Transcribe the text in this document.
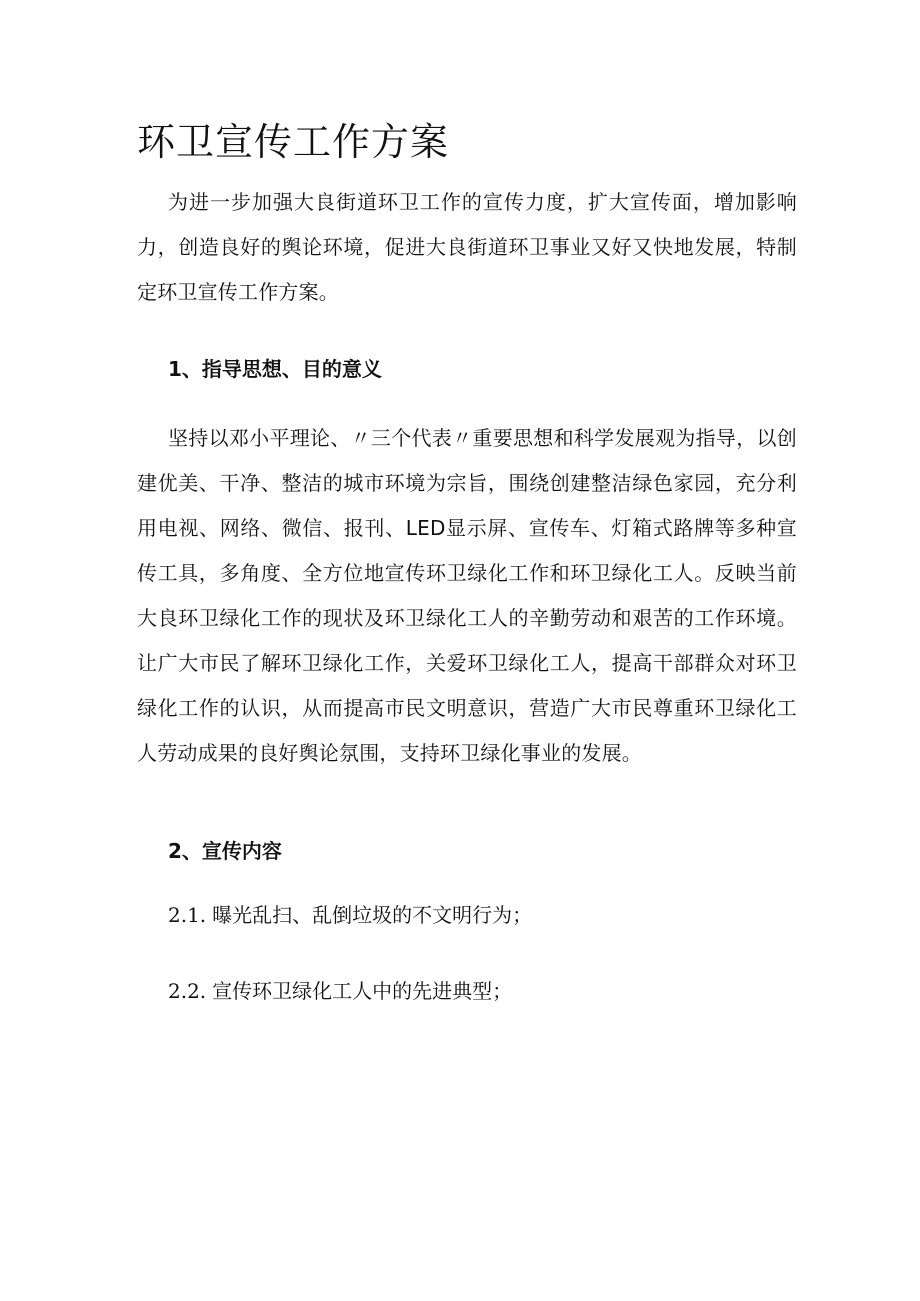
环卫宣传工作方案

为进一步加强大良街道环卫工作的宣传力度，扩大宣传面，增加影响力，创造良好的舆论环境，促进大良街道环卫事业又好又快地发展，特制定环卫宣传工作方案。

1、指导思想、目的意义

坚持以邓小平理论、〃三个代表〃重要思想和科学发展观为指导，以创建优美、干净、整洁的城市环境为宗旨，围绕创建整洁绿色家园，充分利用电视、网络、微信、报刊、LED显示屏、宣传车、灯箱式路牌等多种宣传工具，多角度、全方位地宣传环卫绿化工作和环卫绿化工人。反映当前大良环卫绿化工作的现状及环卫绿化工人的辛勤劳动和艰苦的工作环境。让广大市民了解环卫绿化工作，关爱环卫绿化工人，提高干部群众对环卫绿化工作的认识，从而提高市民文明意识，营造广大市民尊重环卫绿化工人劳动成果的良好舆论氛围，支持环卫绿化事业的发展。

2、宣传内容
2.1. 曝光乱扫、乱倒垃圾的不文明行为；
2.2. 宣传环卫绿化工人中的先进典型；
